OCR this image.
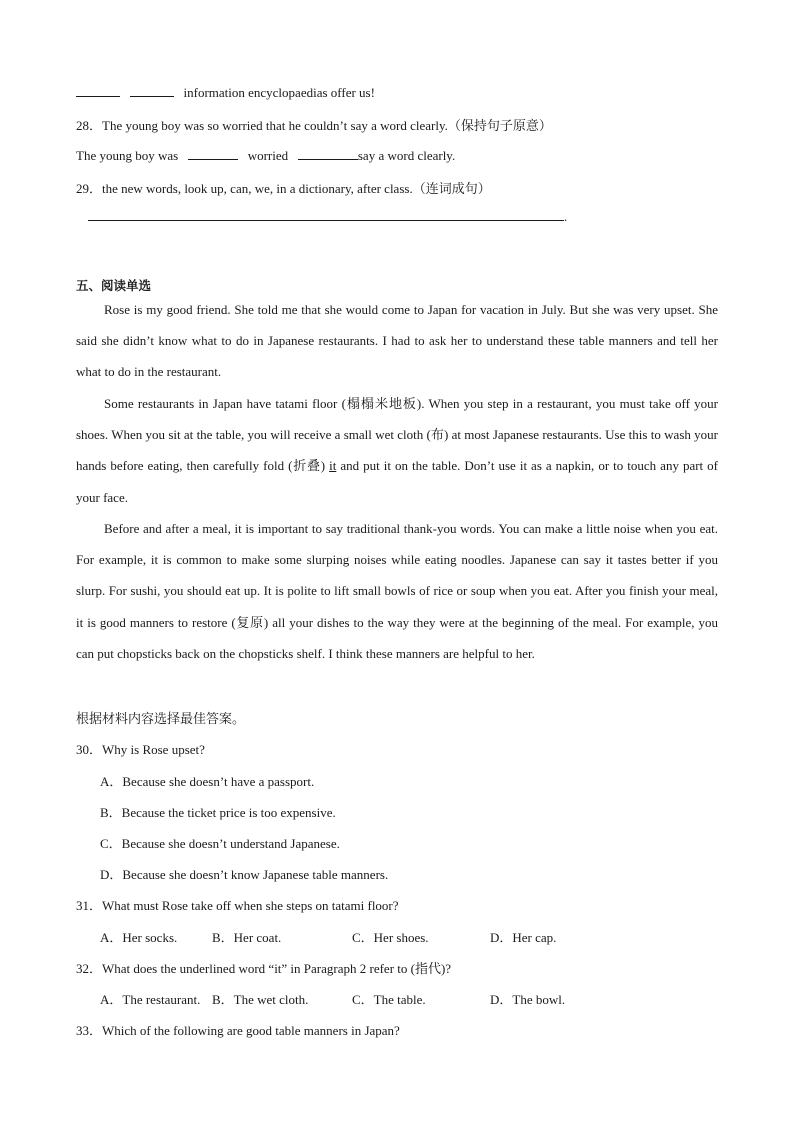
information encyclopaedias offer us!
28．The young boy was so worried that he couldn’t say a word clearly.（保持句子原意）
The young boy was	worried	say a word clearly.
29．the new words, look up, can, we, in a dictionary, after class.（连词成句）
.
五、阅读单选
Rose is my good friend. She told me that she would come to Japan for vacation in July. But she was very upset. She said she didn’t know what to do in Japanese restaurants. I had to ask her to understand these table manners and tell her what to do in the restaurant.
Some restaurants in Japan have tatami floor (榻榻米地板). When you step in a restaurant, you must take off your shoes. When you sit at the table, you will receive a small wet cloth (布) at most Japanese restaurants. Use this to wash your hands before eating, then carefully fold (折叠) it and put it on the table. Don’t use it as a napkin, or to touch any part of your face.
Before and after a meal, it is important to say traditional thank-you words. You can make a little noise when you eat. For example, it is common to make some slurping noises while eating noodles. Japanese can say it tastes better if you slurp. For sushi, you should eat up. It is polite to lift small bowls of rice or soup when you eat. After you finish your meal, it is good manners to restore (复原) all your dishes to the way they were at the beginning of the meal. For example, you can put chopsticks back on the chopsticks shelf. I think these manners are helpful to her.
根据材料内容选择最佳答案。
30．Why is Rose upset?
A．Because she doesn’t have a passport.
B．Because the ticket price is too expensive.
C．Because she doesn’t understand Japanese.
D．Because she doesn’t know Japanese table manners.
31．What must Rose take off when she steps on tatami floor?
A．Her socks.	B．Her coat.	C．Her shoes.	D．Her cap.
32．What does the underlined word “it” in Paragraph 2 refer to (指代)?
A．The restaurant. B．The wet cloth.	C．The table.	D．The bowl.
33．Which of the following are good table manners in Japan?
